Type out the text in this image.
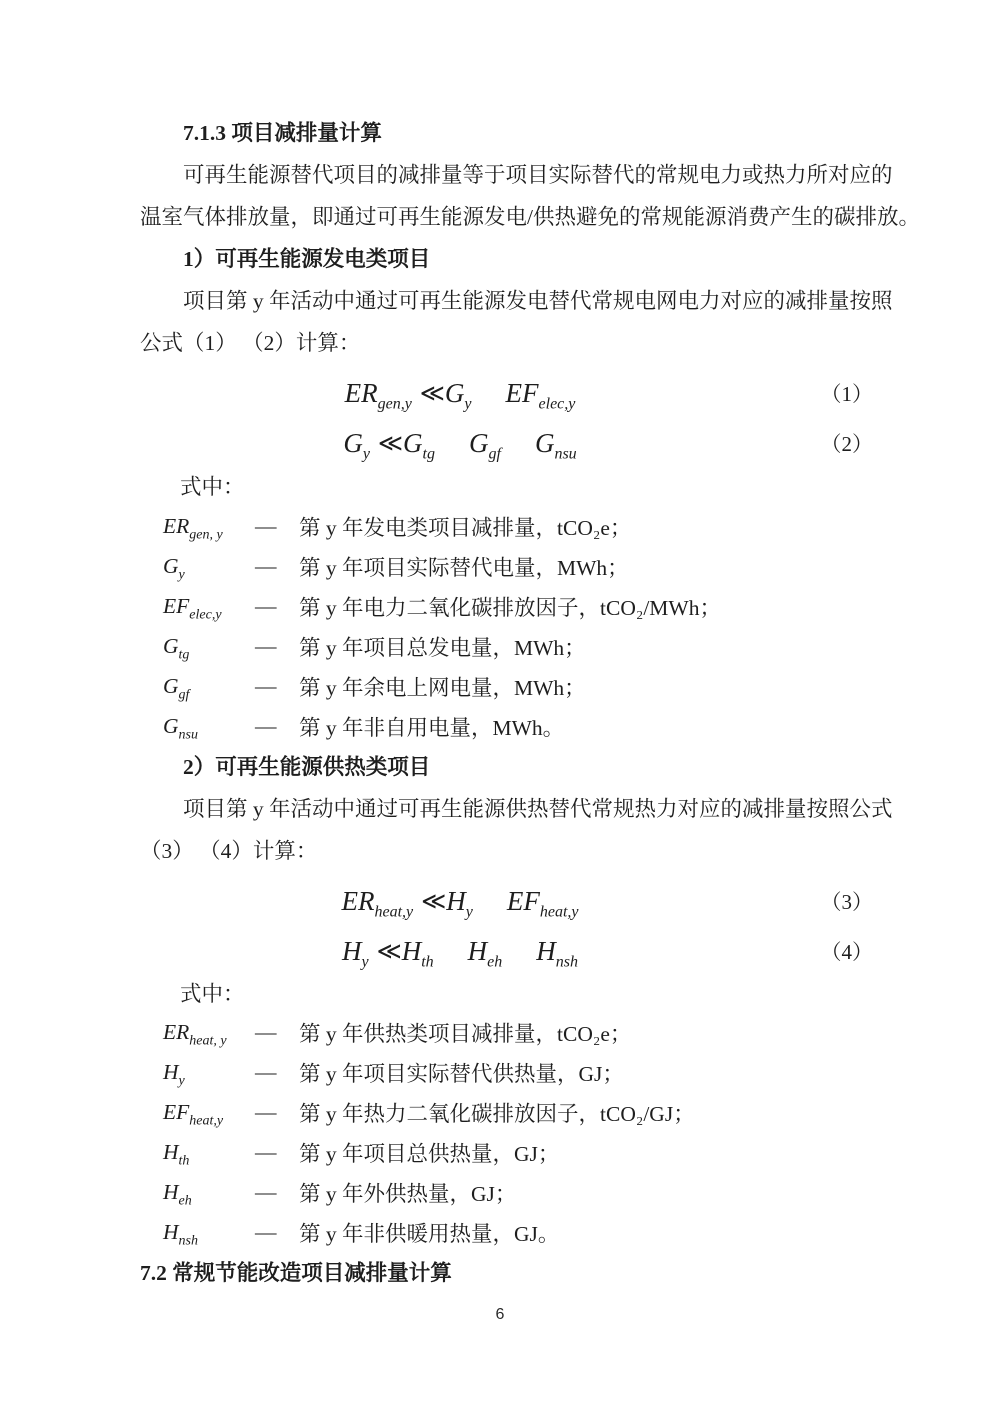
7.1.3 项目减排量计算
可再生能源替代项目的减排量等于项目实际替代的常规电力或热力所对应的
温室气体排放量，即通过可再生能源发电/供热避免的常规能源消费产生的碳排放。
1）可再生能源发电类项目
项目第 y 年活动中通过可再生能源发电替代常规电网电力对应的减排量按照
公式（1） （2）计算：
$ER_{gen,y}$ ≪ $G_y$ $EF_{elec,y}$	（1）
$G_y$ ≪ $G_{tg}$ $G_{gf}$ $G_{nsu}$	（2）
式中：
$ER_{gen, y}$	—	第 y 年发电类项目减排量，tCO₂e；
$G_y$	—	第 y 年项目实际替代电量，MWh；
$EF_{elec,y}$	—	第 y 年电力二氧化碳排放因子，tCO₂/MWh；
$G_{tg}$	—	第 y 年项目总发电量，MWh；
$G_{gf}$	—	第 y 年余电上网电量，MWh；
$G_{nsu}$	—	第 y 年非自用电量，MWh。
2）可再生能源供热类项目
项目第 y 年活动中通过可再生能源供热替代常规热力对应的减排量按照公式
（3） （4）计算：
$ER_{heat,y}$ ≪ $H_y$ $EF_{heat,y}$	（3）
$H_y$ ≪ $H_{th}$ $H_{eh}$ $H_{nsh}$	（4）
式中：
$ER_{heat, y}$	—	第 y 年供热类项目减排量，tCO₂e；
$H_y$	—	第 y 年项目实际替代供热量，GJ；
$EF_{heat,y}$	—	第 y 年热力二氧化碳排放因子，tCO₂/GJ；
$H_{th}$	—	第 y 年项目总供热量，GJ；
$H_{eh}$	—	第 y 年外供热量，GJ；
$H_{nsh}$	—	第 y 年非供暖用热量，GJ。
7.2 常规节能改造项目减排量计算
6
